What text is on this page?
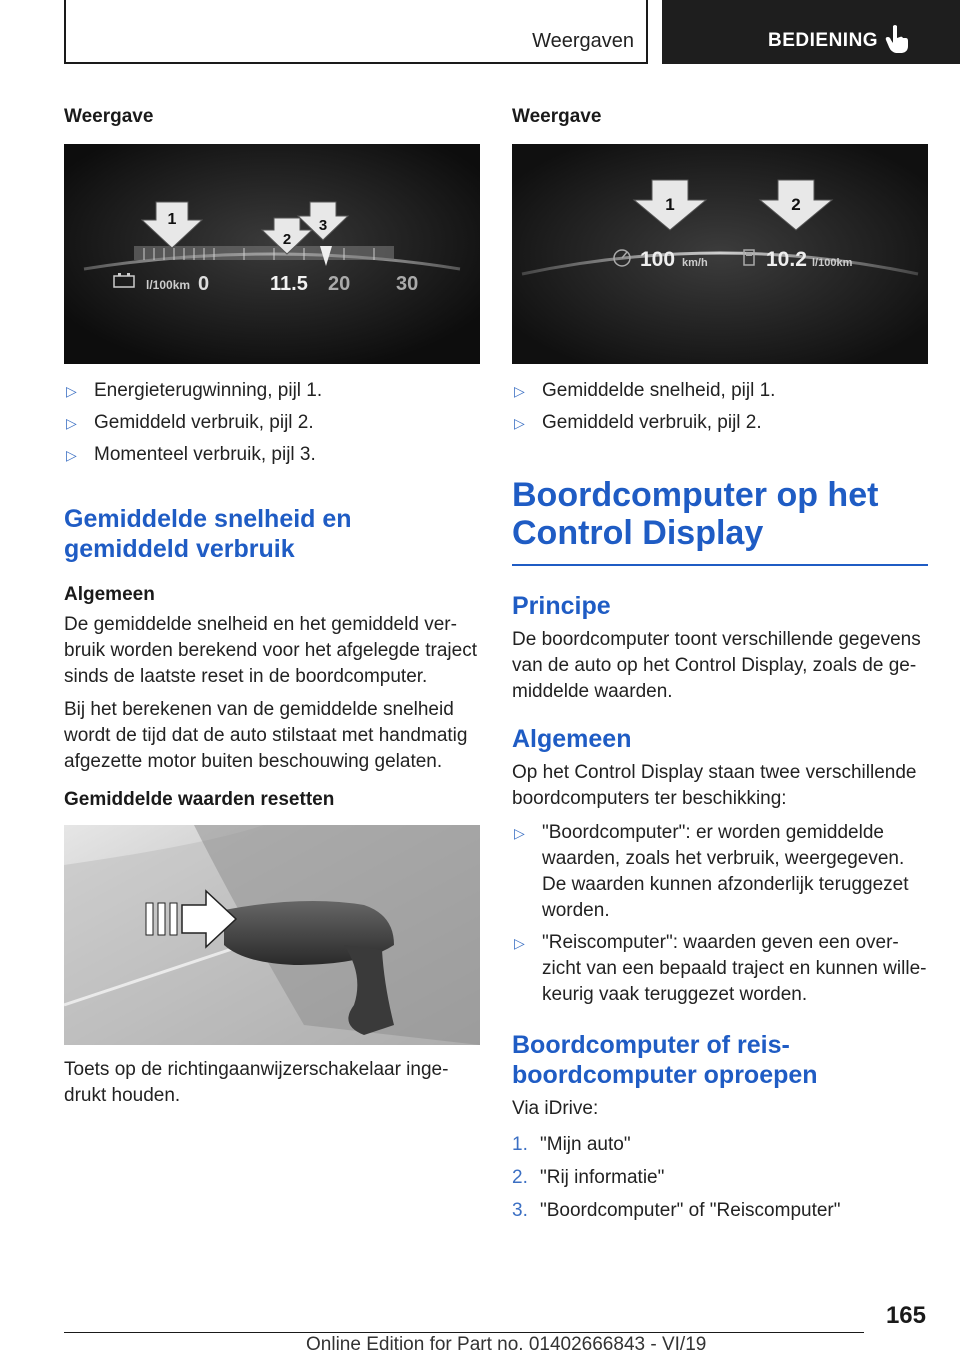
Weergaven	BEDIENING
Weergave
1
2
3
l/100km 0	11.5 20 30
▷ Energieterugwinning, pijl 1.
▷ Gemiddeld verbruik, pijl 2.
▷ Momenteel verbruik, pijl 3.
Gemiddelde snelheid en gemiddeld verbruik
Algemeen

De gemiddelde snelheid en het gemiddeld verbruik worden berekend voor het afgelegde traject sinds de laatste reset in de boordcomputer.

Bij het berekenen van de gemiddelde snelheid wordt de tijd dat de auto stilstaat met handmatig afgezette motor buiten beschouwing gelaten.

Gemiddelde waarden resetten

Toets op de richtingaanwijzerschakelaar ingedrukt houden.

Weergave
1	2
100 km/h	10.2 l/100km
▷ Gemiddelde snelheid, pijl 1.
▷ Gemiddeld verbruik, pijl 2.
Boordcomputer op het Control Display
Principe

De boordcomputer toont verschillende gegevens van de auto op het Control Display, zoals de gemiddelde waarden.

Algemeen

Op het Control Display staan twee verschillende boordcomputers ter beschikking:

▷ "Boordcomputer": er worden gemiddelde waarden, zoals het verbruik, weergegeven. De waarden kunnen afzonderlijk teruggezet worden.
▷ "Reiscomputer": waarden geven een overzicht van een bepaald traject en kunnen willekeurig vaak teruggezet worden.
Boordcomputer of reisboordcomputer oproepen

Via iDrive:

1. "Mijn auto"
2. "Rij informatie"
3. "Boordcomputer" of "Reiscomputer"
165
Online Edition for Part no. 01402666843 - VI/19
